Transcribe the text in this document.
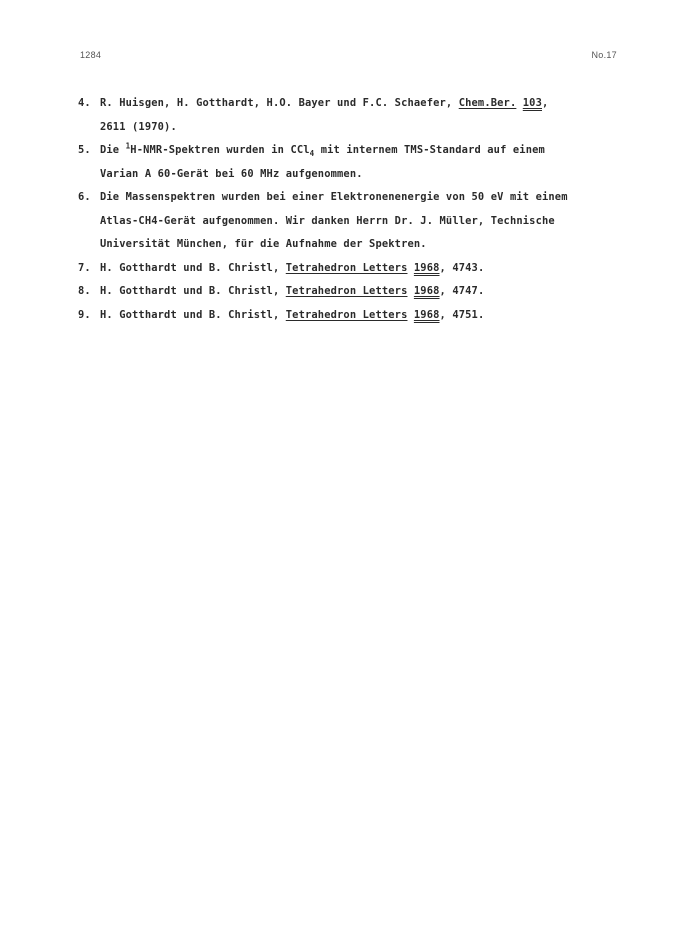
1284	No.17
4. R. Huisgen, H. Gotthardt, H.O. Bayer und F.C. Schaefer, Chem.Ber. 103,
2611 (1970).
5. Die $^1$H-NMR-Spektren wurden in CCl$_4$ mit internem TMS-Standard auf einem
Varian A 60-Gerät bei 60 MHz aufgenommen.
6. Die Massenspektren wurden bei einer Elektronenenergie von 50 eV mit einem
Atlas-CH4-Gerät aufgenommen. Wir danken Herrn Dr. J. Müller, Technische
Universität München, für die Aufnahme der Spektren.
7. H. Gotthardt und B. Christl, Tetrahedron Letters 1968, 4743.
8. H. Gotthardt und B. Christl, Tetrahedron Letters 1968, 4747.
9. H. Gotthardt und B. Christl, Tetrahedron Letters 1968, 4751.
